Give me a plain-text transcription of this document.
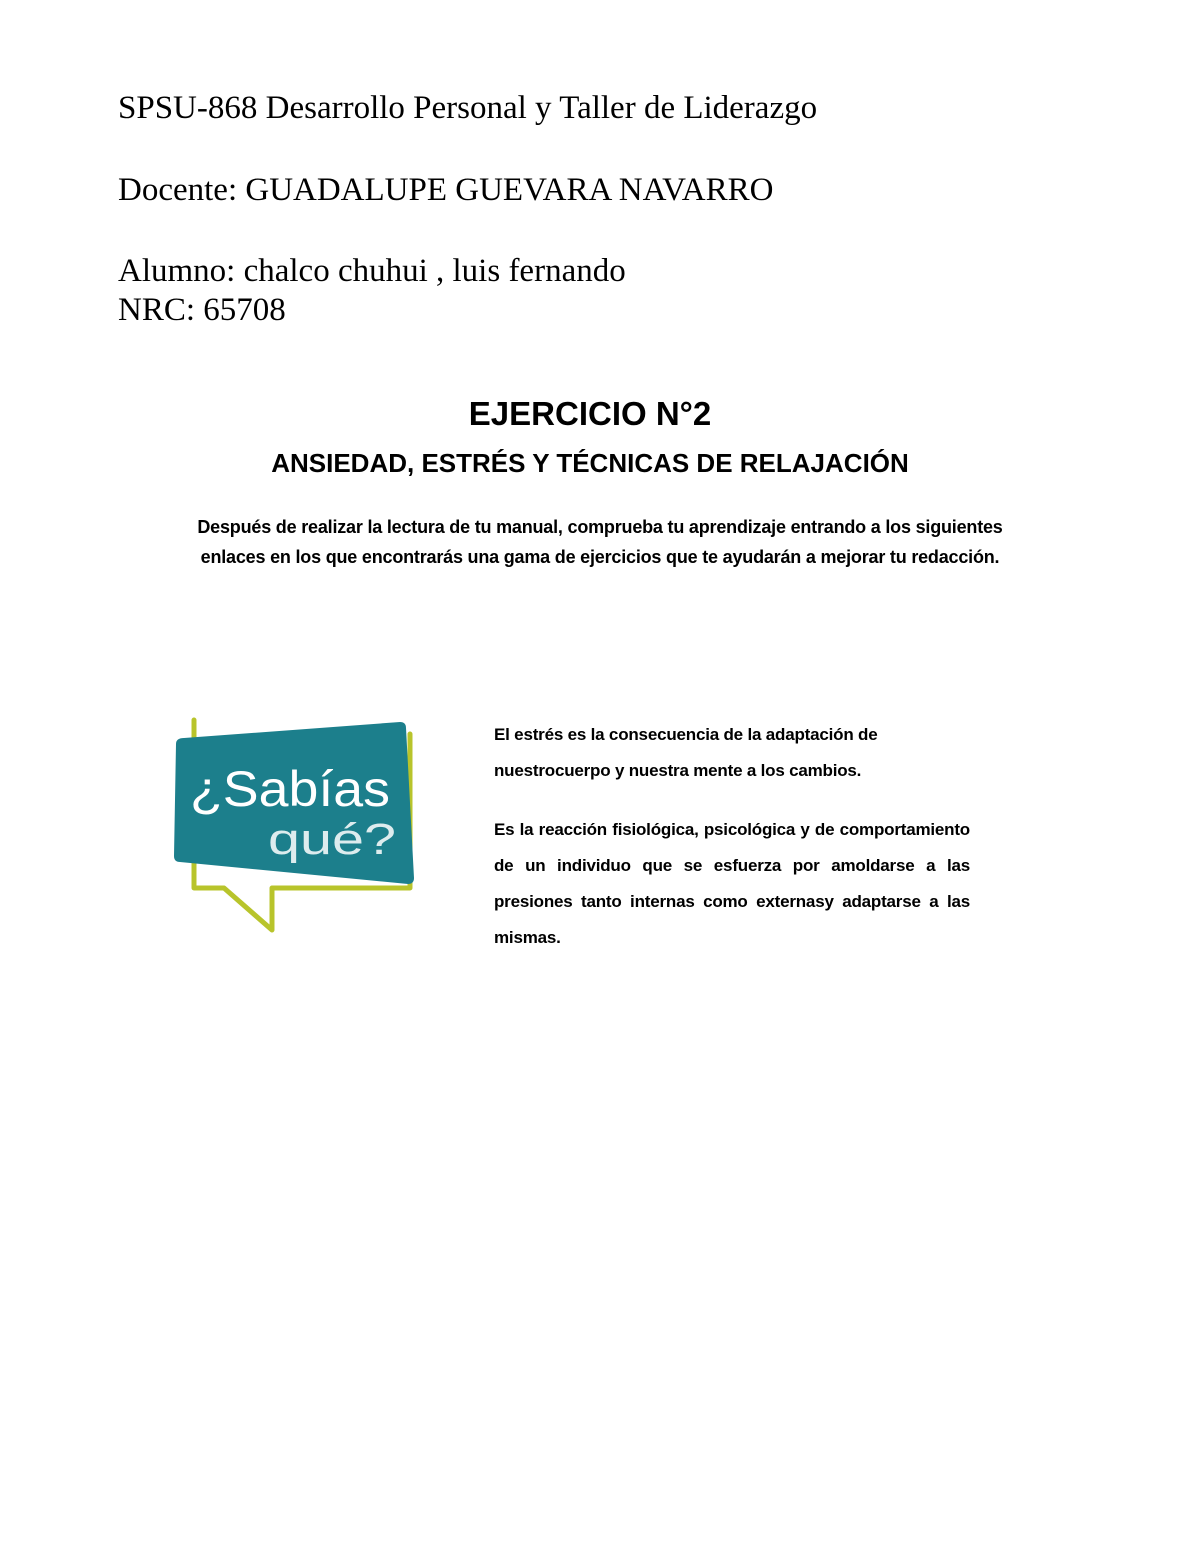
SPSU-868 Desarrollo Personal y Taller de Liderazgo
Docente: GUADALUPE GUEVARA NAVARRO
Alumno: chalco chuhui , luis fernando
NRC: 65708
EJERCICIO N°2
ANSIEDAD, ESTRÉS Y TÉCNICAS DE RELAJACIÓN
Después de realizar la lectura de tu manual, comprueba tu aprendizaje entrando a los siguientes
enlaces en los que encontrarás una gama de ejercicios que te ayudarán a mejorar tu redacción.
¿Sabías
qué?
El estrés es la consecuencia de la adaptación de nuestrocuerpo y nuestra mente a los cambios.
Es la reacción fisiológica, psicológica y de comportamiento de un individuo que se esfuerza por amoldarse a las presiones tanto internas como externasy adaptarse a las mismas.
